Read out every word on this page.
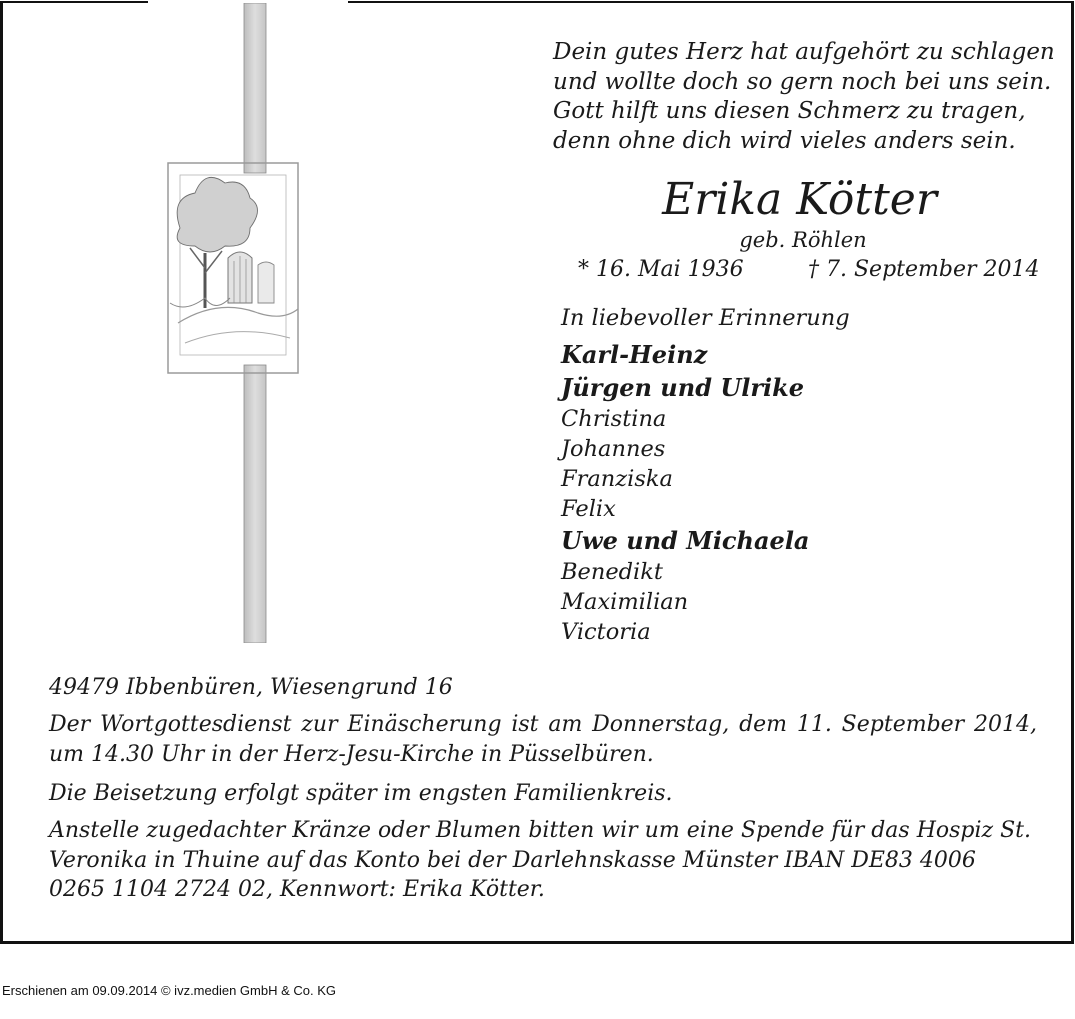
Dein gutes Herz hat aufgehört zu schlagen
und wollte doch so gern noch bei uns sein.
Gott hilft uns diesen Schmerz zu tragen,
denn ohne dich wird vieles anders sein.
Erika Kötter
geb. Röhlen
* 16. Mai 1936	† 7. September 2014
In liebevoller Erinnerung
Karl-Heinz
Jürgen und Ulrike
Christina
Johannes
Franziska
Felix
Uwe und Michaela
Benedikt
Maximilian
Victoria
49479 Ibbenbüren, Wiesengrund 16
Der Wortgottesdienst zur Einäscherung ist am Donnerstag, dem 11. September 2014, um 14.30 Uhr in der Herz-Jesu-Kirche in Püsselbüren.
Die Beisetzung erfolgt später im engsten Familienkreis.
Anstelle zugedachter Kränze oder Blumen bitten wir um eine Spende für das Hospiz St. Veronika in Thuine auf das Konto bei der Darlehnskasse Münster IBAN DE83 4006 0265 1104 2724 02, Kennwort: Erika Kötter.
Erschienen am 09.09.2014 © ivz.medien GmbH & Co. KG
